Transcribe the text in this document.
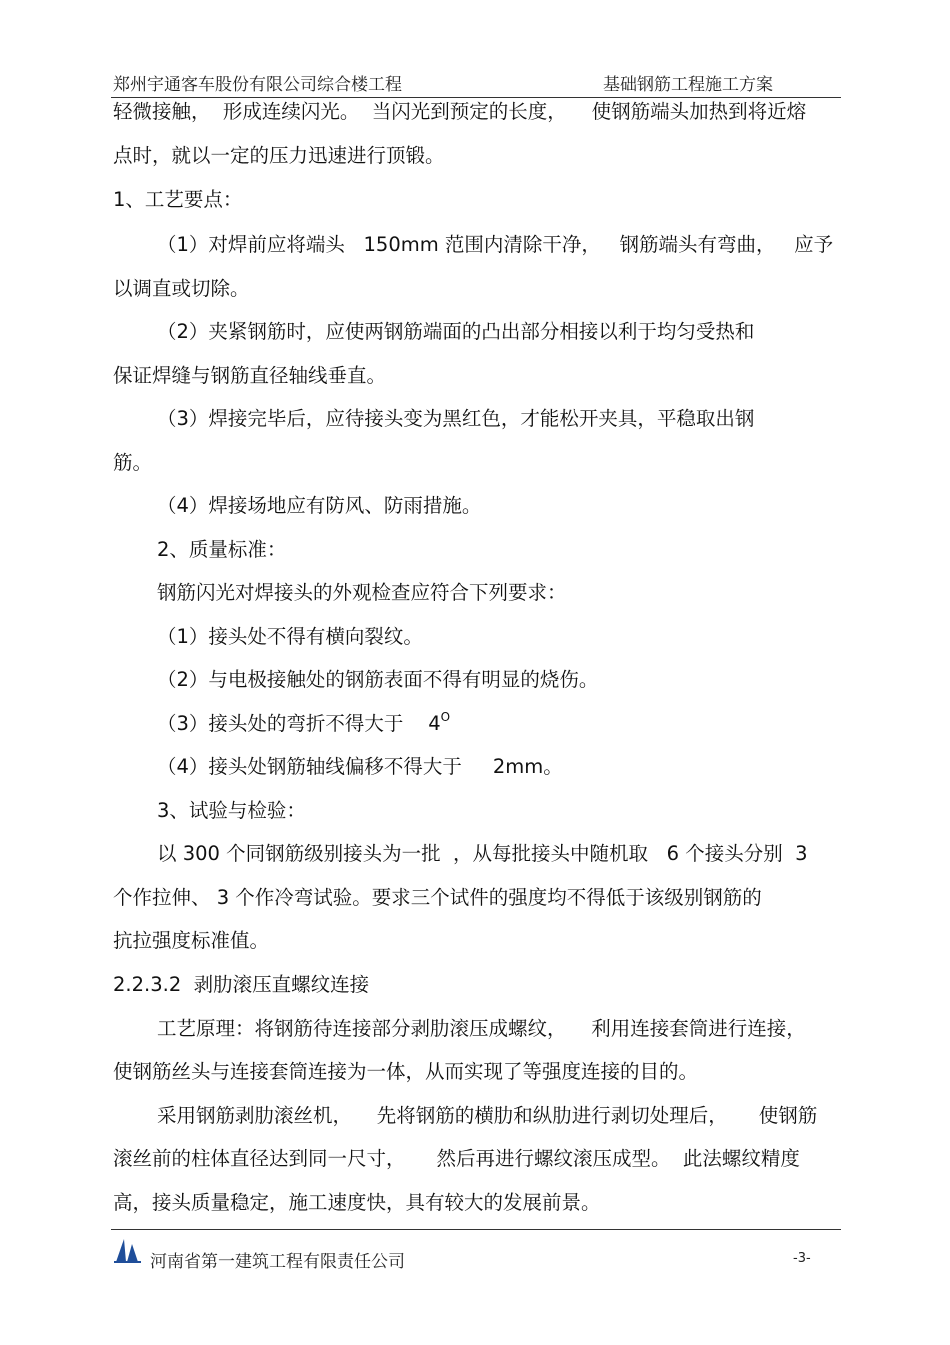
郑州宇通客车股份有限公司综合楼工程	基础钢筋工程施工方案
轻微接触，  形成连续闪光。  当闪光到预定的长度，    使钢筋端头加热到将近熔
点时，就以一定的压力迅速进行顶锻。
1、工艺要点：
（1）对焊前应将端头   150mm 范围内清除干净，   钢筋端头有弯曲，   应予
以调直或切除。
（2）夹紧钢筋时，应使两钢筋端面的凸出部分相接以利于均匀受热和
保证焊缝与钢筋直径轴线垂直。
（3）焊接完毕后，应待接头变为黑红色，才能松开夹具，平稳取出钢
筋。
（4）焊接场地应有防风、防雨措施。
2、质量标准：
钢筋闪光对焊接头的外观检查应符合下列要求：
（1）接头处不得有横向裂纹。
（2）与电极接触处的钢筋表面不得有明显的烧伤。
（3）接头处的弯折不得大于    $4^O$
（4）接头处钢筋轴线偏移不得大于     2mm。
3、试验与检验：
以 300 个同钢筋级别接头为一批  ，从每批接头中随机取   6 个接头分别  3
个作拉伸、 3 个作冷弯试验。要求三个试件的强度均不得低于该级别钢筋的
抗拉强度标准值。
2.2.3.2  剥肋滚压直螺纹连接
工艺原理：将钢筋待连接部分剥肋滚压成螺纹，    利用连接套筒进行连接，
使钢筋丝头与连接套筒连接为一体，从而实现了等强度连接的目的。
采用钢筋剥肋滚丝机，    先将钢筋的横肋和纵肋进行剥切处理后，     使钢筋
滚丝前的柱体直径达到同一尺寸，     然后再进行螺纹滚压成型。  此法螺纹精度
高，接头质量稳定，施工速度快，具有较大的发展前景。
河南省第一建筑工程有限责任公司	-3-
